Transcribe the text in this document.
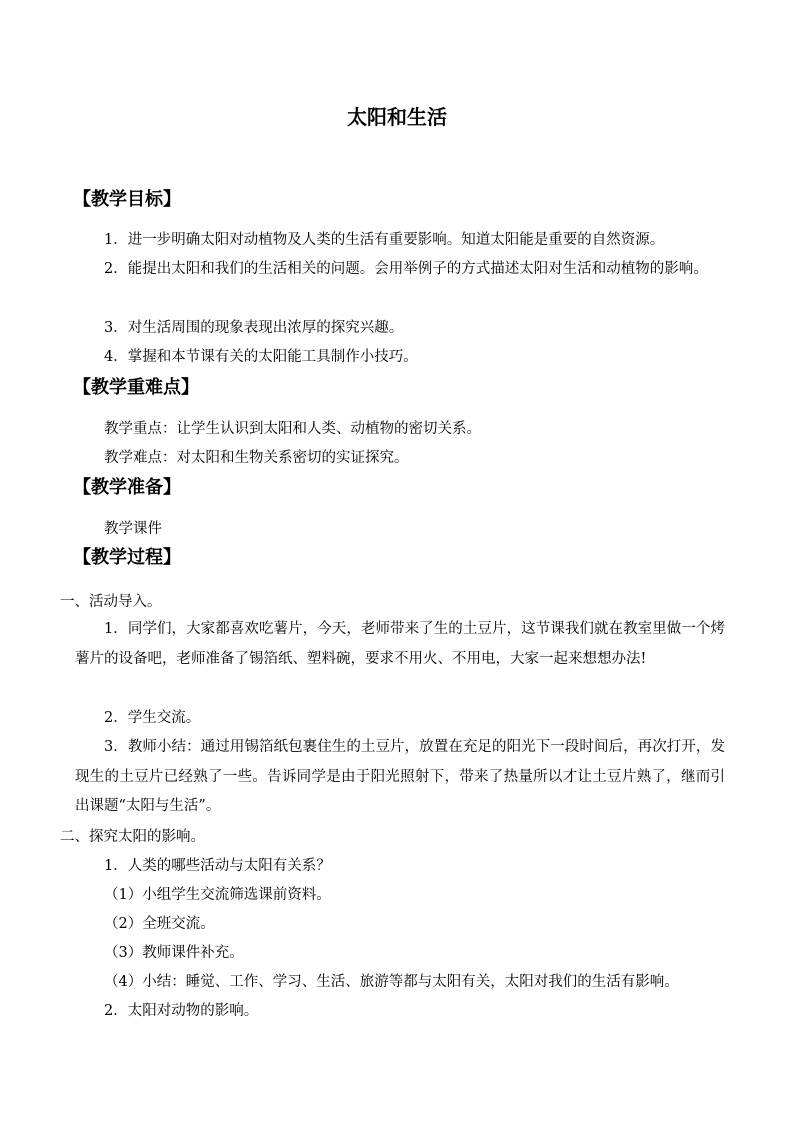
太阳和生活
【教学目标】
1．进一步明确太阳对动植物及人类的生活有重要影响。知道太阳能是重要的自然资源。
2．能提出太阳和我们的生活相关的问题。会用举例子的方式描述太阳对生活和动植物的影响。
3．对生活周围的现象表现出浓厚的探究兴趣。
4．掌握和本节课有关的太阳能工具制作小技巧。
【教学重难点】
教学重点：让学生认识到太阳和人类、动植物的密切关系。
教学难点：对太阳和生物关系密切的实证探究。
【教学准备】
教学课件
【教学过程】
一、活动导入。
1．同学们，大家都喜欢吃薯片，今天，老师带来了生的土豆片，这节课我们就在教室里做一个烤薯片的设备吧，老师准备了锡箔纸、塑料碗，要求不用火、不用电，大家一起来想想办法!
2．学生交流。
3．教师小结：通过用锡箔纸包裹住生的土豆片，放置在充足的阳光下一段时间后，再次打开，发现生的土豆片已经熟了一些。告诉同学是由于阳光照射下，带来了热量所以才让土豆片熟了，继而引出课题“太阳与生活”。
二、探究太阳的影响。
1．人类的哪些活动与太阳有关系？
（1）小组学生交流筛选课前资料。
（2）全班交流。
（3）教师课件补充。
（4）小结：睡觉、工作、学习、生活、旅游等都与太阳有关，太阳对我们的生活有影响。
2．太阳对动物的影响。
